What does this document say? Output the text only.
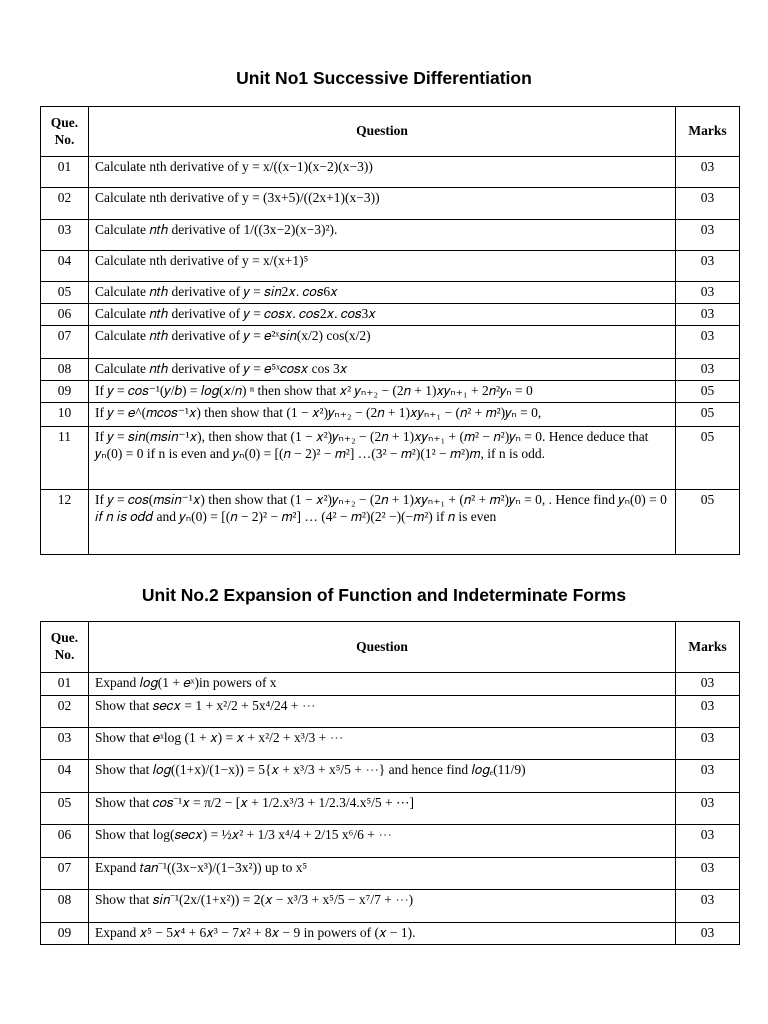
Unit No1 Successive Differentiation
Que. No.	Question	Marks
01	Calculate nth derivative of y = x/((x−1)(x−2)(x−3))	03
02	Calculate nth derivative of y = (3x+5)/((2x+1)(x−3))	03
03	Calculate 𝑛𝑡ℎ derivative of 1/((3x−2)(x−3)²).	03
04	Calculate nth derivative of y = x/(x+1)⁵	03
05	Calculate 𝑛𝑡ℎ derivative of 𝑦 = 𝑠𝑖𝑛2𝑥. 𝑐𝑜𝑠6𝑥	03
06	Calculate 𝑛𝑡ℎ derivative of 𝑦 = 𝑐𝑜𝑠𝑥. 𝑐𝑜𝑠2𝑥. 𝑐𝑜𝑠3𝑥	03
07	Calculate 𝑛𝑡ℎ derivative of 𝑦 = 𝑒²ˣ𝑠𝑖𝑛(x/2) cos(x/2)	03
08	Calculate 𝑛𝑡ℎ derivative of 𝑦 = 𝑒⁵ˣ𝑐𝑜𝑠𝑥 cos 3𝑥	03
09	If 𝑦 = 𝑐𝑜𝑠⁻¹(𝑦/𝑏) = 𝑙𝑜𝑔(𝑥/𝑛) ⁿ then show that 𝑥² 𝑦ₙ₊₂ − (2𝑛 + 1)𝑥𝑦ₙ₊₁ + 2𝑛²𝑦ₙ = 0	05
10	If 𝑦 = 𝑒^(𝑚𝑐𝑜𝑠⁻¹𝑥) then show that (1 − 𝑥²)𝑦ₙ₊₂ − (2𝑛 + 1)𝑥𝑦ₙ₊₁ − (𝑛² + 𝑚²)𝑦ₙ = 0,	05
11	If 𝑦 = 𝑠𝑖𝑛(𝑚𝑠𝑖𝑛⁻¹𝑥), then show that (1 − 𝑥²)𝑦ₙ₊₂ − (2𝑛 + 1)𝑥𝑦ₙ₊₁ + (𝑚² − 𝑛²)𝑦ₙ = 0. Hence deduce that 𝑦ₙ(0) = 0 if n is even and 𝑦ₙ(0) = [(𝑛 − 2)² − 𝑚²] …(3² − 𝑚²)(1² − 𝑚²)𝑚, if n is odd.	05
12	If 𝑦 = 𝑐𝑜𝑠(𝑚𝑠𝑖𝑛⁻¹𝑥) then show that (1 − 𝑥²)𝑦ₙ₊₂ − (2𝑛 + 1)𝑥𝑦ₙ₊₁ + (𝑛² + 𝑚²)𝑦ₙ = 0, . Hence find 𝑦ₙ(0) = 0 𝑖𝑓 𝑛 𝑖𝑠 𝑜𝑑𝑑 and 𝑦ₙ(0) = [(𝑛 − 2)² − 𝑚²] … (4² − 𝑚²)(2² −)(−𝑚²) if 𝑛 is even	05
Unit No.2 Expansion of Function and Indeterminate Forms
Que. No.	Question	Marks
01	Expand 𝑙𝑜𝑔(1 + 𝑒ˣ)in powers of x	03
02	Show that 𝑠𝑒𝑐𝑥 = 1 + x²/2 + 5x⁴/24 + ⋯	03
03	Show that 𝑒ˣlog (1 + 𝑥) = 𝑥 + x²/2 + x³/3 + ⋯	03
04	Show that 𝑙𝑜𝑔((1+x)/(1−x)) = 5{𝑥 + x³/3 + x⁵/5 + ⋯} and hence find 𝑙𝑜𝑔ₑ(11/9)	03
05	Show that 𝑐𝑜𝑠⁻¹𝑥 = π/2 − [𝑥 + 1/2.x³/3 + 1/2.3/4.x⁵/5 + ⋯]	03
06	Show that log(𝑠𝑒𝑐𝑥) = ½𝑥² + 1/3 x⁴/4 + 2/15 x⁶/6 + ⋯	03
07	Expand 𝑡𝑎𝑛⁻¹((3x−x³)/(1−3x²)) up to x⁵	03
08	Show that 𝑠𝑖𝑛⁻¹(2x/(1+x²)) = 2(𝑥 − x³/3 + x⁵/5 − x⁷/7 + ⋯)	03
09	Expand 𝑥⁵ − 5𝑥⁴ + 6𝑥³ − 7𝑥² + 8𝑥 − 9 in powers of (𝑥 − 1).	03
